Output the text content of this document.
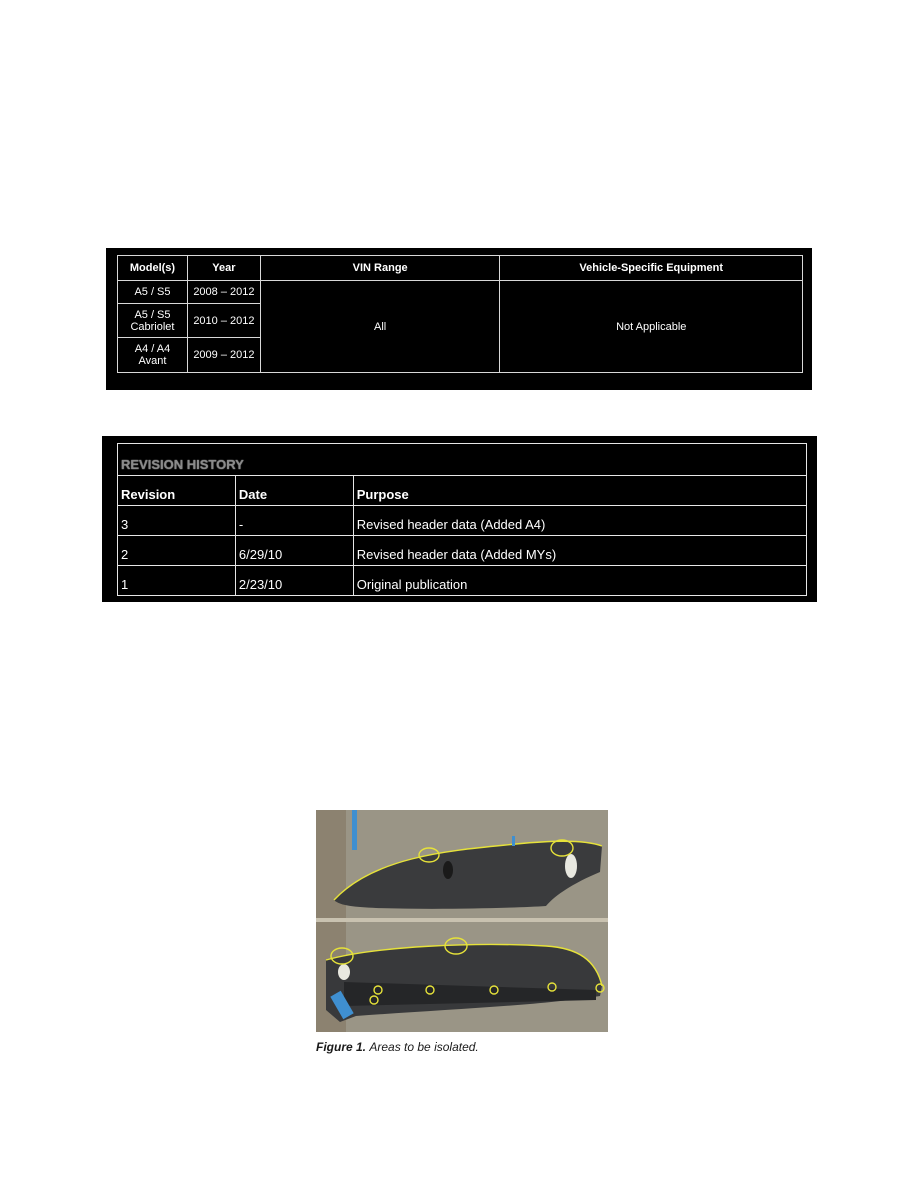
Model(s)	Year	VIN Range	Vehicle-Specific Equipment
A5 / S5	2008 – 2012	All	Not Applicable
A5 / S5 Cabriolet	2010 – 2012		
A4 / A4 Avant	2009 – 2012		
REVISION HISTORY		
Revision	Date	Purpose
3	-	Revised header data (Added A4)
2	6/29/10	Revised header data (Added MYs)
1	2/23/10	Original publication
Figure 1. Areas to be isolated.
